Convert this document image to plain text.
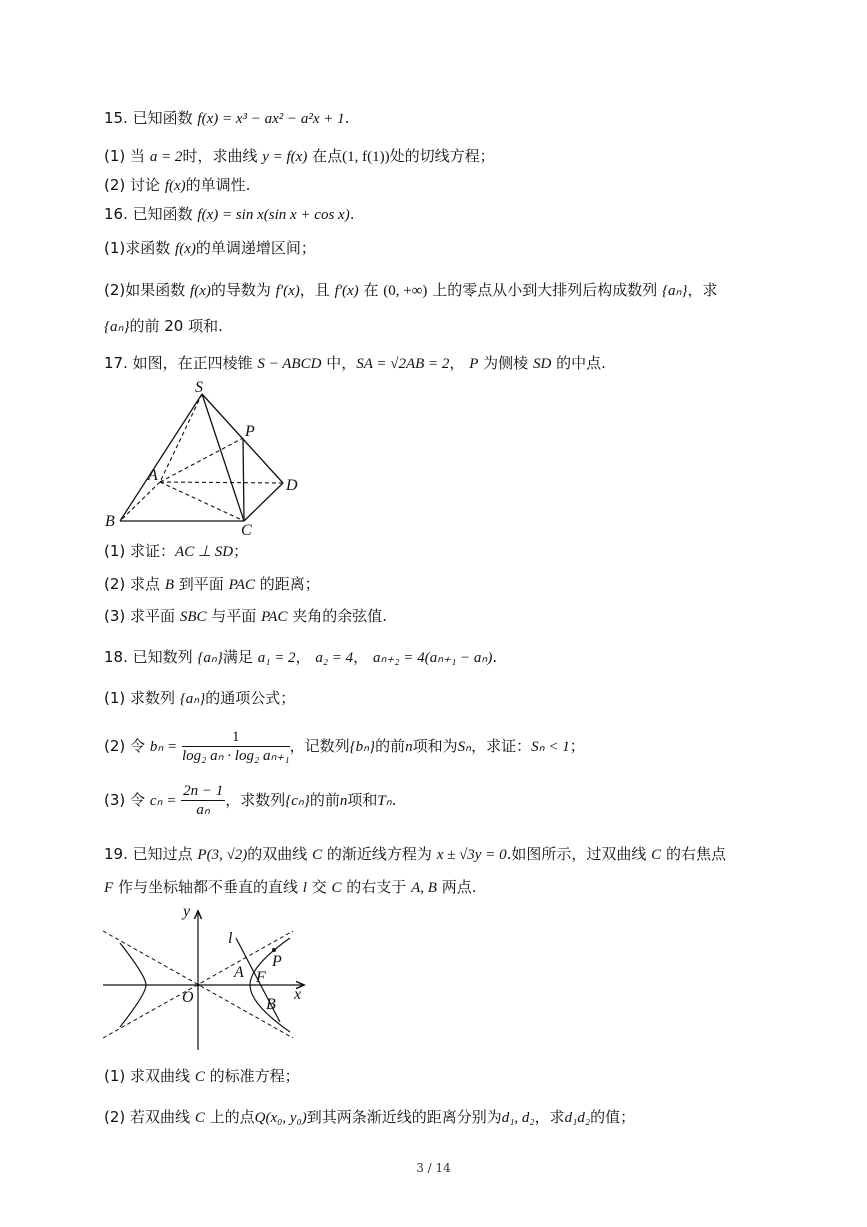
15. 已知函数 f(x) = x³ − ax² − a²x + 1.
(1) 当 a = 2时，求曲线 y = f(x) 在点(1, f(1))处的切线方程；
(2) 讨论 f(x)的单调性.
16. 已知函数 f(x) = sin x(sin x + cos x).
(1)求函数 f(x)的单调递增区间；
(2)如果函数 f(x)的导数为 f′(x)，且 f′(x) 在 (0, +∞) 上的零点从小到大排列后构成数列 {aₙ}，求
{aₙ}的前 20 项和.
17. 如图，在正四棱锥 S − ABCD 中，SA = √2AB = 2， P 为侧棱 SD 的中点.
S
P
A
D
B
C
(1) 求证：AC ⊥ SD；
(2) 求点 B 到平面 PAC 的距离；
(3) 求平面 SBC 与平面 PAC 夹角的余弦值.
18. 已知数列 {aₙ}满足 a₁ = 2， a₂ = 4， aₙ₊₂ = 4(aₙ₊₁ − aₙ).
(1) 求数列 {aₙ}的通项公式；
(2) 令 $b_n = \frac{1}{\text{log₂ aₙ · log₂ aₙ₊₁}}$ ，记数列{bₙ}的前n项和为Sₙ，求证：Sₙ < 1；
(3) 令 $c_n = \frac{2n - 1}{\text{aₙ}}$ ，求数列{cₙ}的前n项和Tₙ.
19. 已知过点 P(3, √2)的双曲线 C 的渐近线方程为 x ± √3y = 0.如图所示，过双曲线 C 的右焦点
F 作与坐标轴都不垂直的直线 l 交 C 的右支于 A, B 两点.
y
x
l
P
A F
O	B
(1) 求双曲线 C 的标准方程；
(2) 若双曲线 C 上的点Q(x₀, y₀)到其两条渐近线的距离分别为d₁, d₂，求d₁d₂的值；
3 / 14
